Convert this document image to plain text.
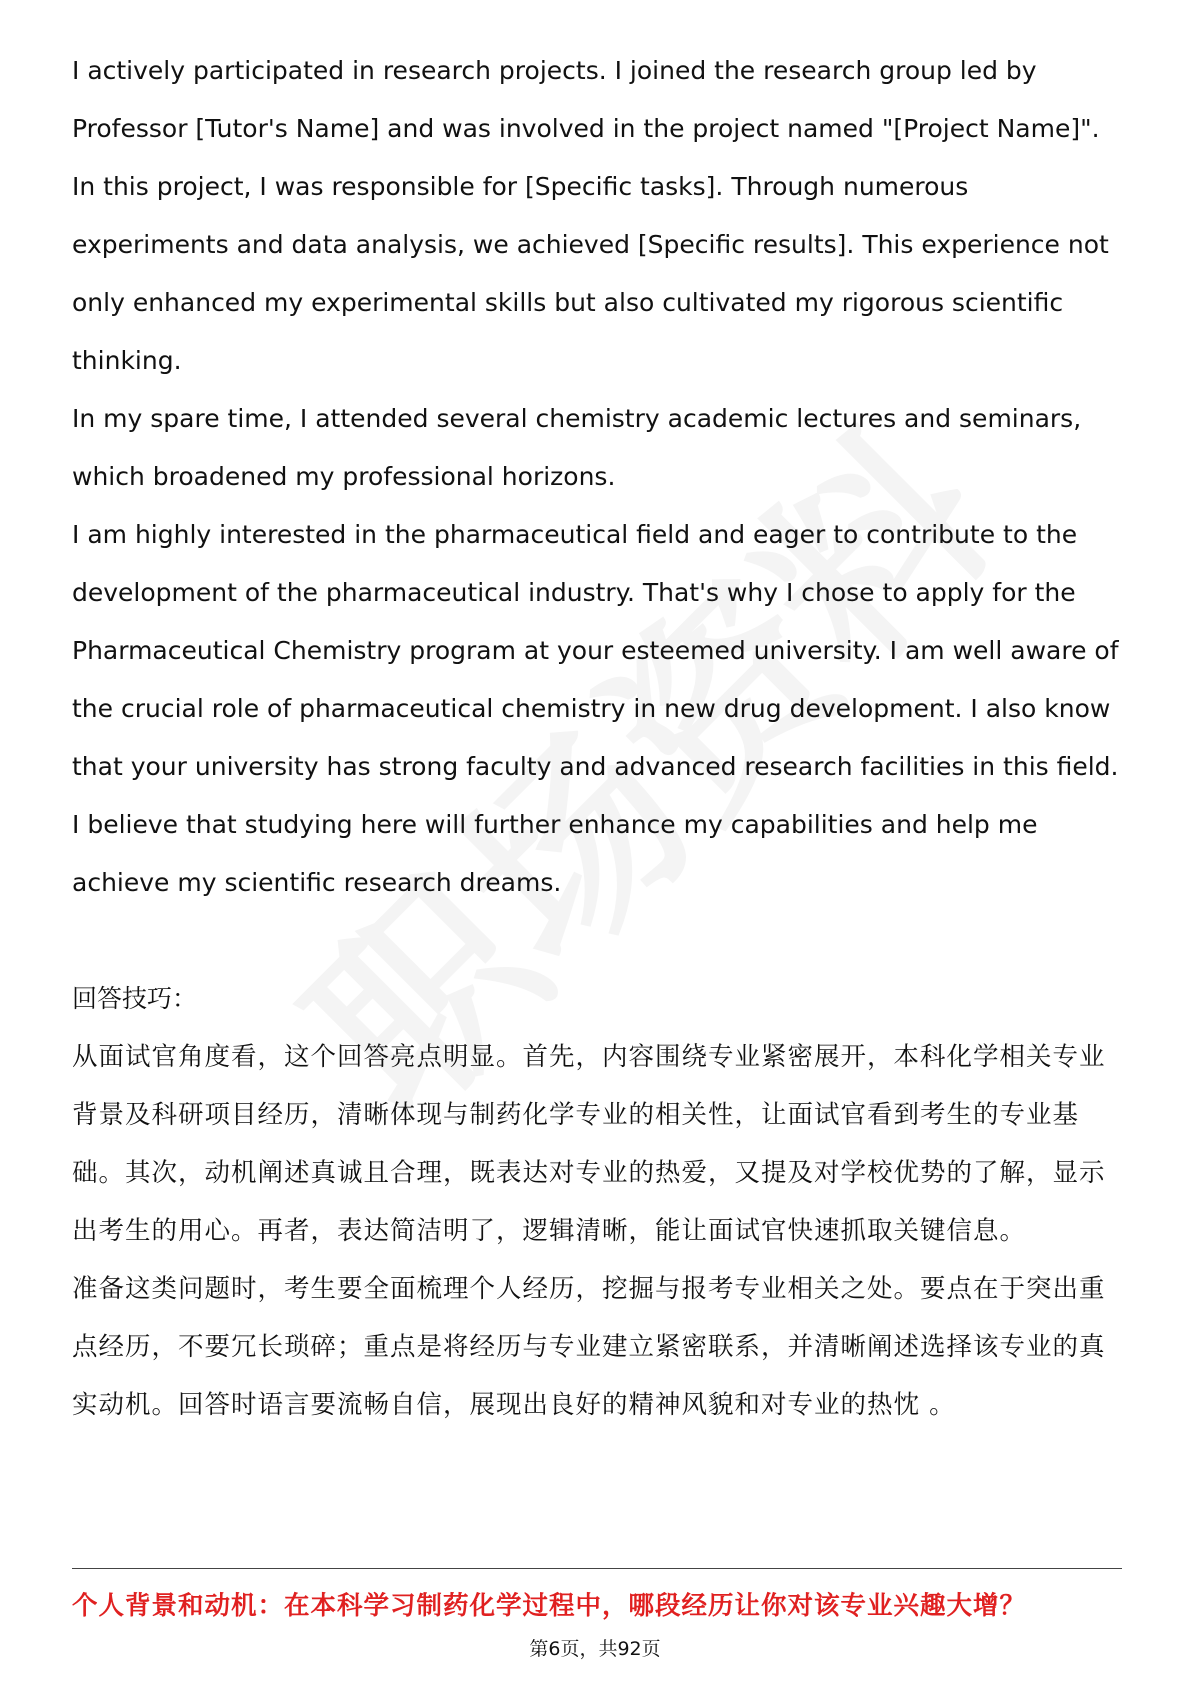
I actively participated in research projects. I joined the research group led by Professor [Tutor's Name] and was involved in the project named "[Project Name]". In this project, I was responsible for [Specific tasks]. Through numerous experiments and data analysis, we achieved [Specific results]. This experience not only enhanced my experimental skills but also cultivated my rigorous scientific thinking.

In my spare time, I attended several chemistry academic lectures and seminars, which broadened my professional horizons.

I am highly interested in the pharmaceutical field and eager to contribute to the development of the pharmaceutical industry. That's why I chose to apply for the Pharmaceutical Chemistry program at your esteemed university. I am well aware of the crucial role of pharmaceutical chemistry in new drug development. I also know that your university has strong faculty and advanced research facilities in this field. I believe that studying here will further enhance my capabilities and help me achieve my scientific research dreams.

回答技巧：

从面试官角度看，这个回答亮点明显。首先，内容围绕专业紧密展开，本科化学相关专业背景及科研项目经历，清晰体现与制药化学专业的相关性，让面试官看到考生的专业基础。其次，动机阐述真诚且合理，既表达对专业的热爱，又提及对学校优势的了解，显示出考生的用心。再者，表达简洁明了，逻辑清晰，能让面试官快速抓取关键信息。

准备这类问题时，考生要全面梳理个人经历，挖掘与报考专业相关之处。要点在于突出重点经历，不要冗长琐碎；重点是将经历与专业建立紧密联系，并清晰阐述选择该专业的真实动机。回答时语言要流畅自信，展现出良好的精神风貌和对专业的热忱 。

个人背景和动机：在本科学习制药化学过程中，哪段经历让你对该专业兴趣大增？
第6页，共92页
